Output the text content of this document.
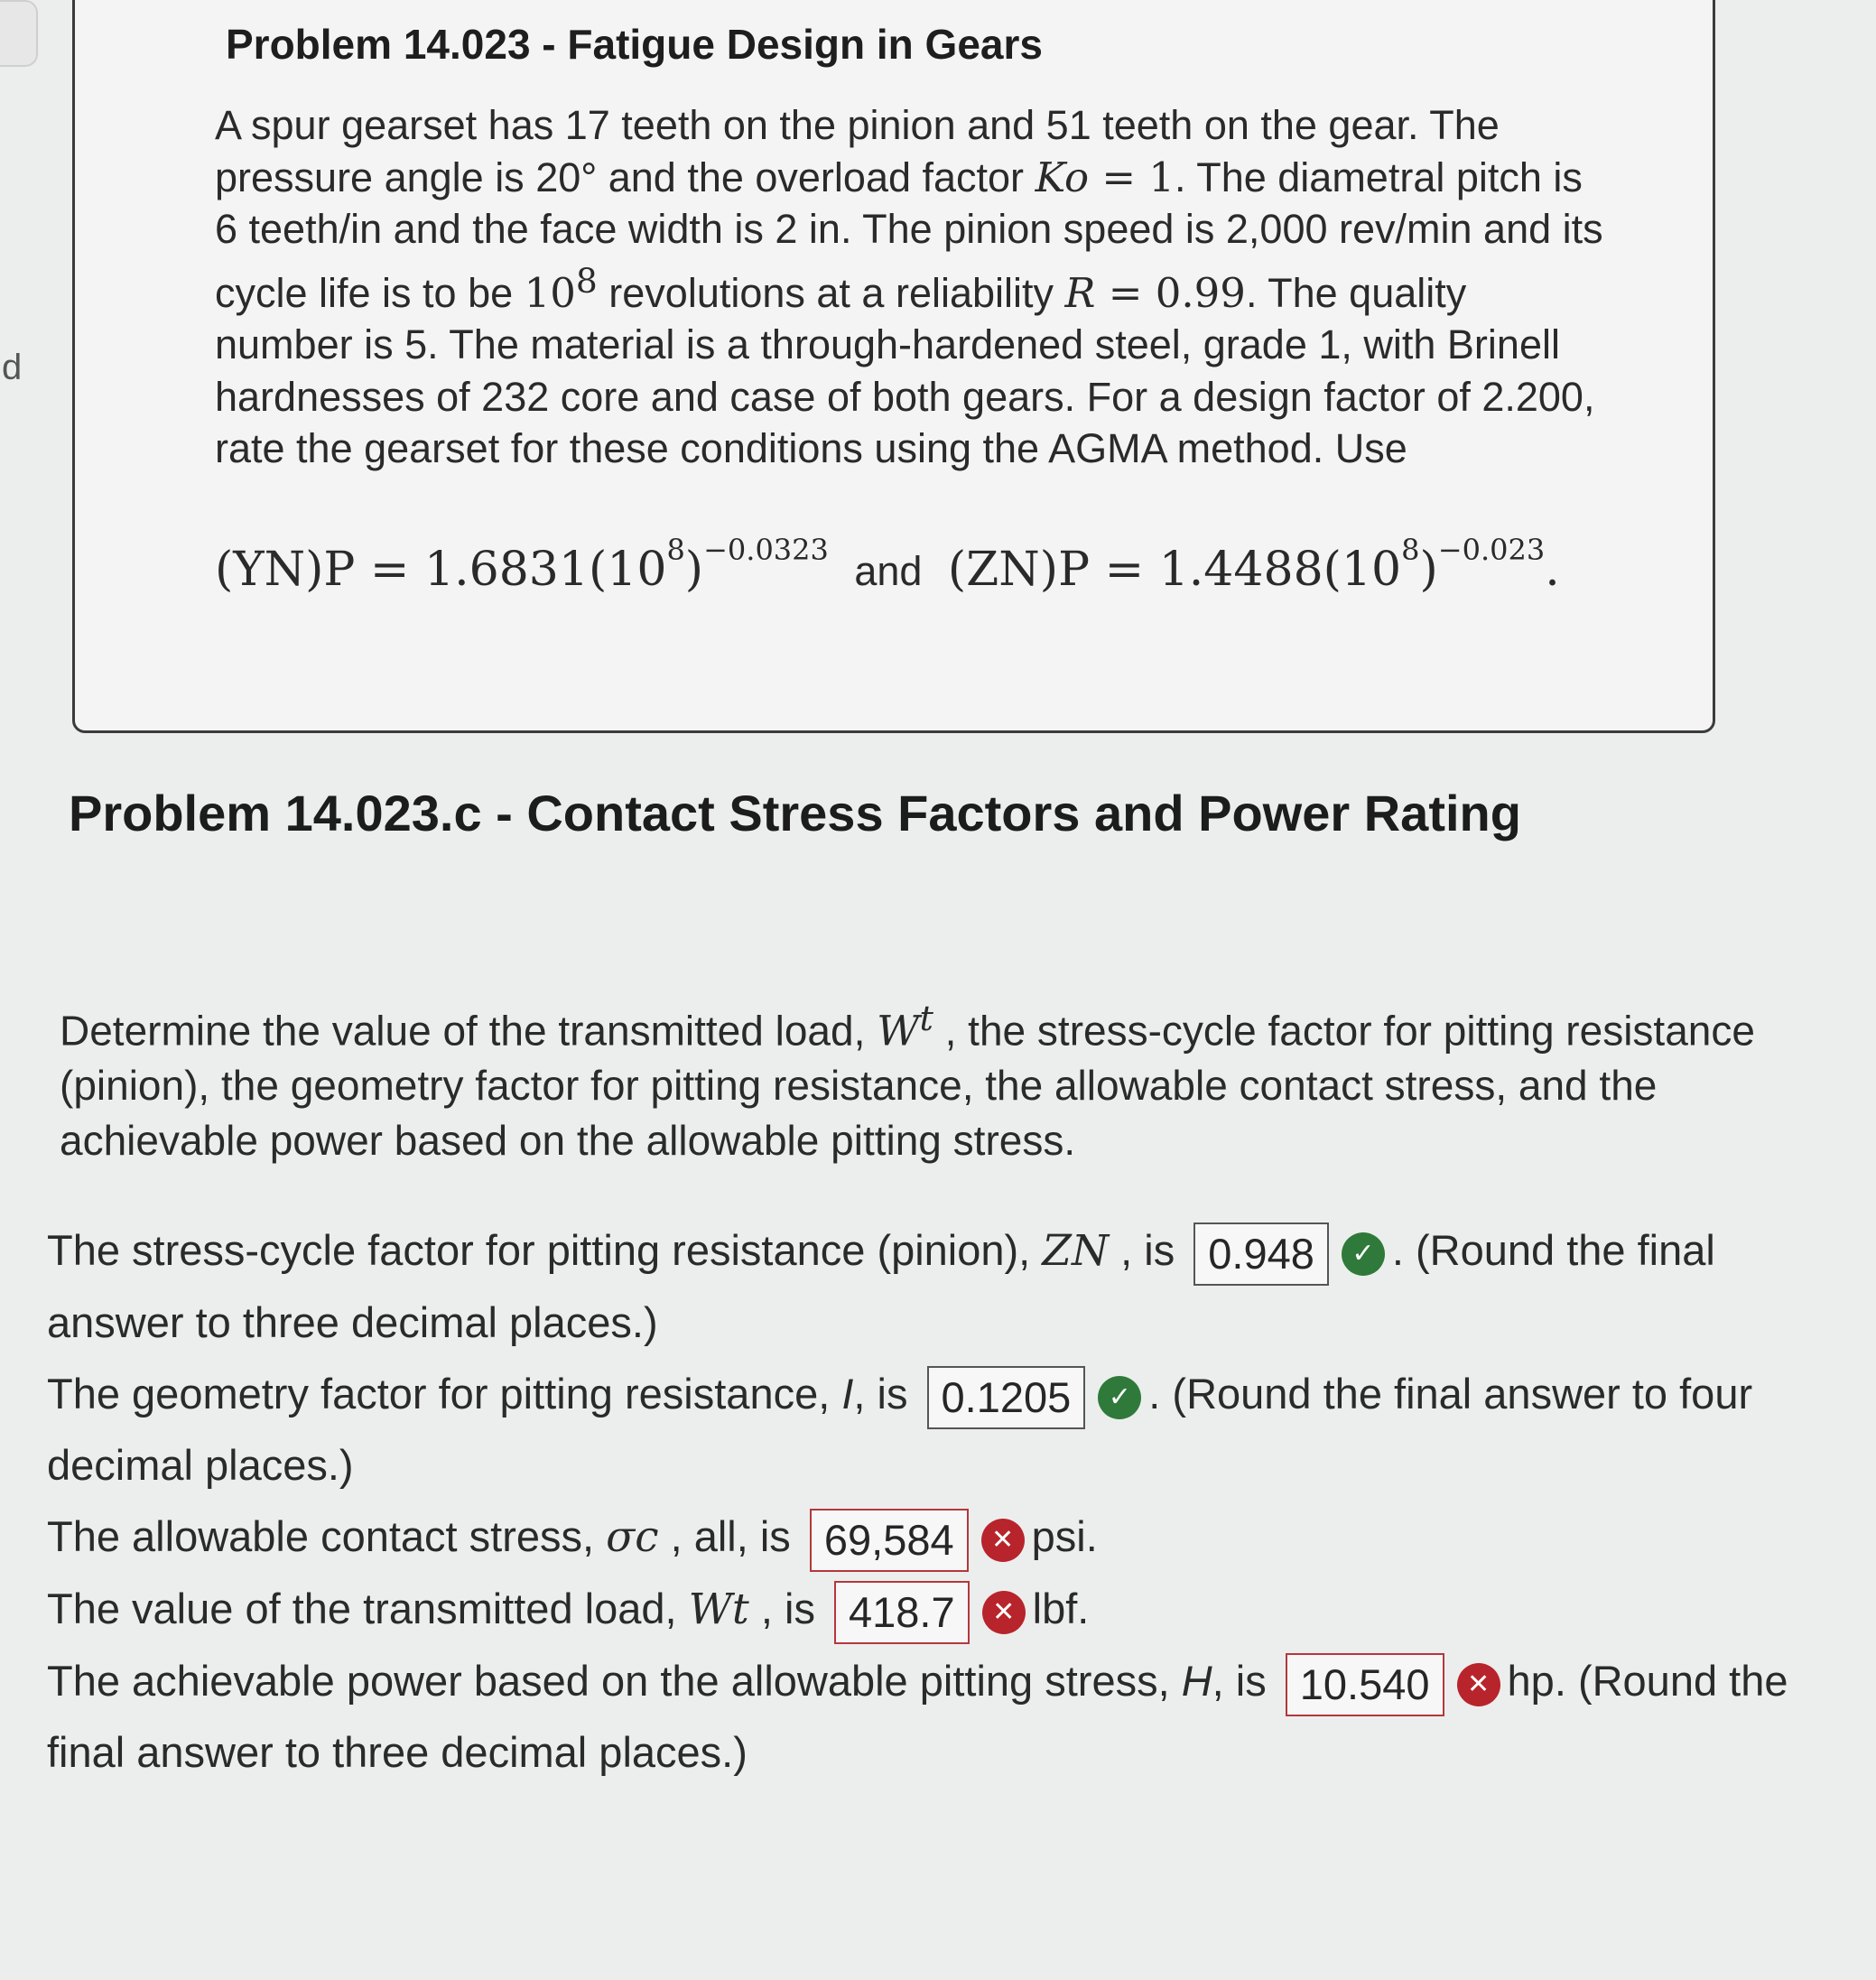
d
Problem 14.023 - Fatigue Design in Gears
A spur gearset has 17 teeth on the pinion and 51 teeth on the gear. The pressure angle is 20° and the overload factor Ko = 1. The diametral pitch is 6 teeth/in and the face width is 2 in. The pinion speed is 2,000 rev/min and its cycle life is to be $10^8$ revolutions at a reliability R = 0.99. The quality number is 5. The material is a through-hardened steel, grade 1, with Brinell hardnesses of 232 core and case of both gears. For a design factor of 2.200, rate the gearset for these conditions using the AGMA method. Use
$(YN)P = 1.6831(10^8)^{-0.0323}$ and $(ZN)P = 1.4488(10^8)^{-0.023}$.
Problem 14.023.c - Contact Stress Factors and Power Rating
Determine the value of the transmitted load, $W^t$ , the stress-cycle factor for pitting resistance (pinion), the geometry factor for pitting resistance, the allowable contact stress, and the achievable power based on the allowable pitting stress.
The stress-cycle factor for pitting resistance (pinion), ZN , is 0.948 ✓ . (Round the final answer to three decimal places.)
The geometry factor for pitting resistance, I, is 0.1205 ✓ . (Round the final answer to four decimal places.)
The allowable contact stress, σc , all, is 69,584 ✕ psi.
The value of the transmitted load, Wt , is 418.7 ✕ lbf.
The achievable power based on the allowable pitting stress, H, is 10.540 ✕ hp. (Round the final answer to three decimal places.)
